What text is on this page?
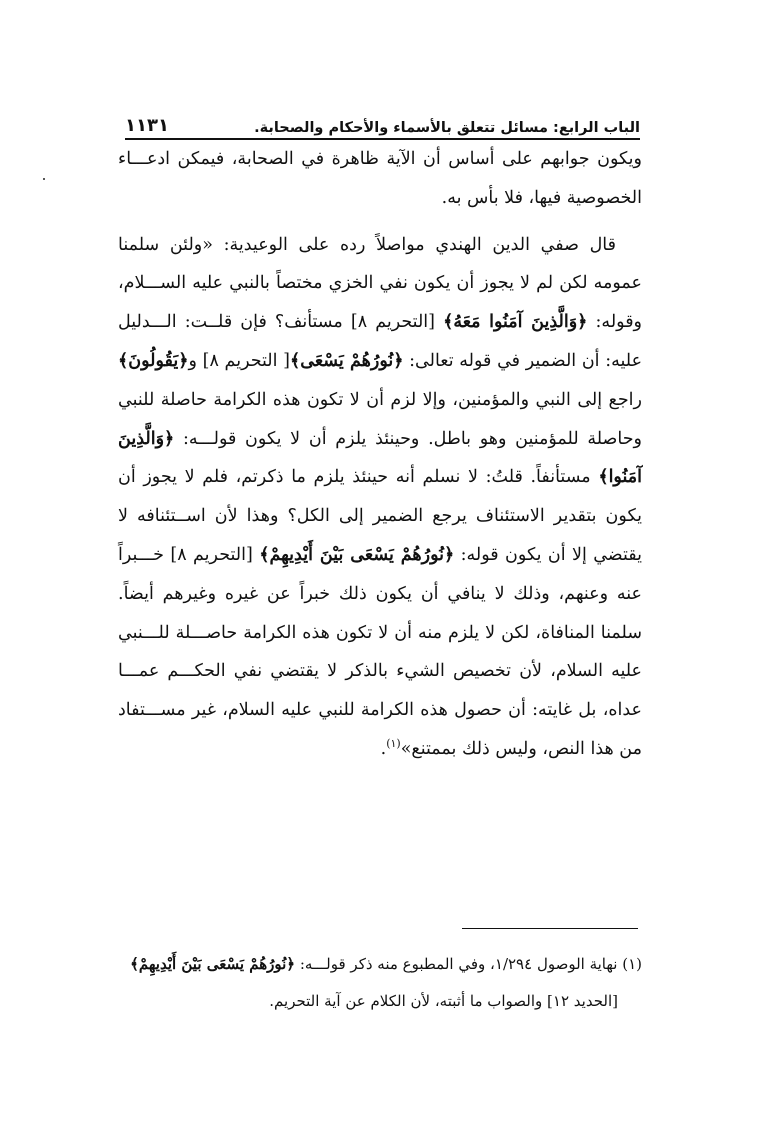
الباب الرابع: مسائل تتعلق بالأسماء والأحكام والصحابة.
١١٣١

ويكون جوابهم على أساس أن الآية ظاهرة في الصحابة، فيمكن ادعـــاء الخصوصية فيها، فلا بأس به.

قال صفي الدين الهندي مواصلاً رده على الوعيدية: «ولئن سلمنا عمومه لكن لم لا يجوز أن يكون نفي الخزي مختصاً بالنبي عليه الســـلام، وقوله: ﴿وَالَّذِينَ آمَنُوا مَعَهُ﴾ [التحريم ٨] مستأنف؟ فإن قلــت: الـــدليل عليه: أن الضمير في قوله تعالى: ﴿نُورُهُمْ يَسْعَى﴾[ التحريم ٨] و﴿يَقُولُونَ﴾ راجع إلى النبي والمؤمنين، وإلا لزم أن لا تكون هذه الكرامة حاصلة للنبي وحاصلة للمؤمنين وهو باطل. وحينئذ يلزم أن لا يكون قولـــه: ﴿وَالَّذِينَ آمَنُوا﴾ مستأنفاً. قلتُ: لا نسلم أنه حينئذ يلزم ما ذكرتم، فلم لا يجوز أن يكون بتقدير الاستئناف يرجع الضمير إلى الكل؟ وهذا لأن اســتئنافه لا يقتضي إلا أن يكون قوله: ﴿نُورُهُمْ يَسْعَى بَيْنَ أَيْدِيهِمْ﴾ [التحريم ٨] خـــبراً عنه وعنهم، وذلك لا ينافي أن يكون ذلك خبراً عن غيره وغيرهم أيضاً. سلمنا المنافاة، لكن لا يلزم منه أن لا تكون هذه الكرامة حاصـــلة للـــنبي عليه السلام، لأن تخصيص الشيء بالذكر لا يقتضي نفي الحكـــم عمـــا عداه، بل غايته: أن حصول هذه الكرامة للنبي عليه السلام، غير مســـتفاد من هذا النص، وليس ذلك بممتنع»$^{(١)}$.

(١) نهاية الوصول ١/٢٩٤، وفي المطبوع منه ذكر قولـــه: ﴿نُورُهُمْ يَسْعَى بَيْنَ أَيْدِيهِمْ﴾

[الحديد ١٢] والصواب ما أثبته، لأن الكلام عن آية التحريم.
